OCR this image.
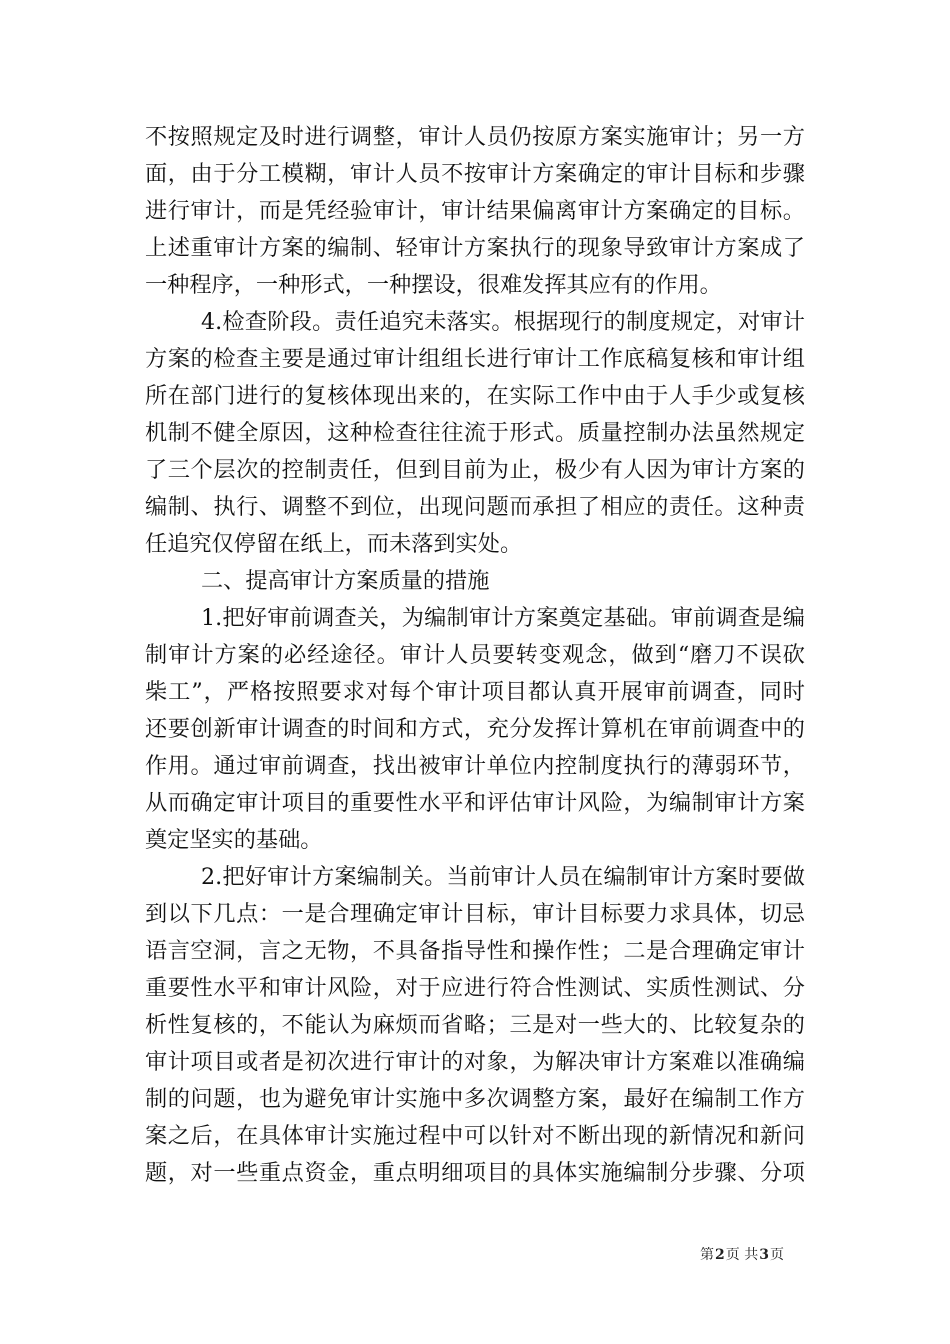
不按照规定及时进行调整，审计人员仍按原方案实施审计；另一方
面，由于分工模糊，审计人员不按审计方案确定的审计目标和步骤
进行审计，而是凭经验审计，审计结果偏离审计方案确定的目标。
上述重审计方案的编制、轻审计方案执行的现象导致审计方案成了
一种程序，一种形式，一种摆设，很难发挥其应有的作用。
4.检查阶段。责任追究未落实。根据现行的制度规定，对审计
方案的检查主要是通过审计组组长进行审计工作底稿复核和审计组
所在部门进行的复核体现出来的，在实际工作中由于人手少或复核
机制不健全原因，这种检查往往流于形式。质量控制办法虽然规定
了三个层次的控制责任，但到目前为止，极少有人因为审计方案的
编制、执行、调整不到位，出现问题而承担了相应的责任。这种责
任追究仅停留在纸上，而未落到实处。
二、提高审计方案质量的措施
1.把好审前调查关，为编制审计方案奠定基础。审前调查是编
制审计方案的必经途径。审计人员要转变观念，做到“磨刀不误砍
柴工”，严格按照要求对每个审计项目都认真开展审前调查，同时
还要创新审计调查的时间和方式，充分发挥计算机在审前调查中的
作用。通过审前调查，找出被审计单位内控制度执行的薄弱环节，
从而确定审计项目的重要性水平和评估审计风险，为编制审计方案
奠定坚实的基础。
2.把好审计方案编制关。当前审计人员在编制审计方案时要做
到以下几点：一是合理确定审计目标，审计目标要力求具体，切忌
语言空洞，言之无物，不具备指导性和操作性；二是合理确定审计
重要性水平和审计风险，对于应进行符合性测试、实质性测试、分
析性复核的，不能认为麻烦而省略；三是对一些大的、比较复杂的
审计项目或者是初次进行审计的对象，为解决审计方案难以准确编
制的问题，也为避免审计实施中多次调整方案，最好在编制工作方
案之后，在具体审计实施过程中可以针对不断出现的新情况和新问
题，对一些重点资金，重点明细项目的具体实施编制分步骤、分项
第2页 共3页
